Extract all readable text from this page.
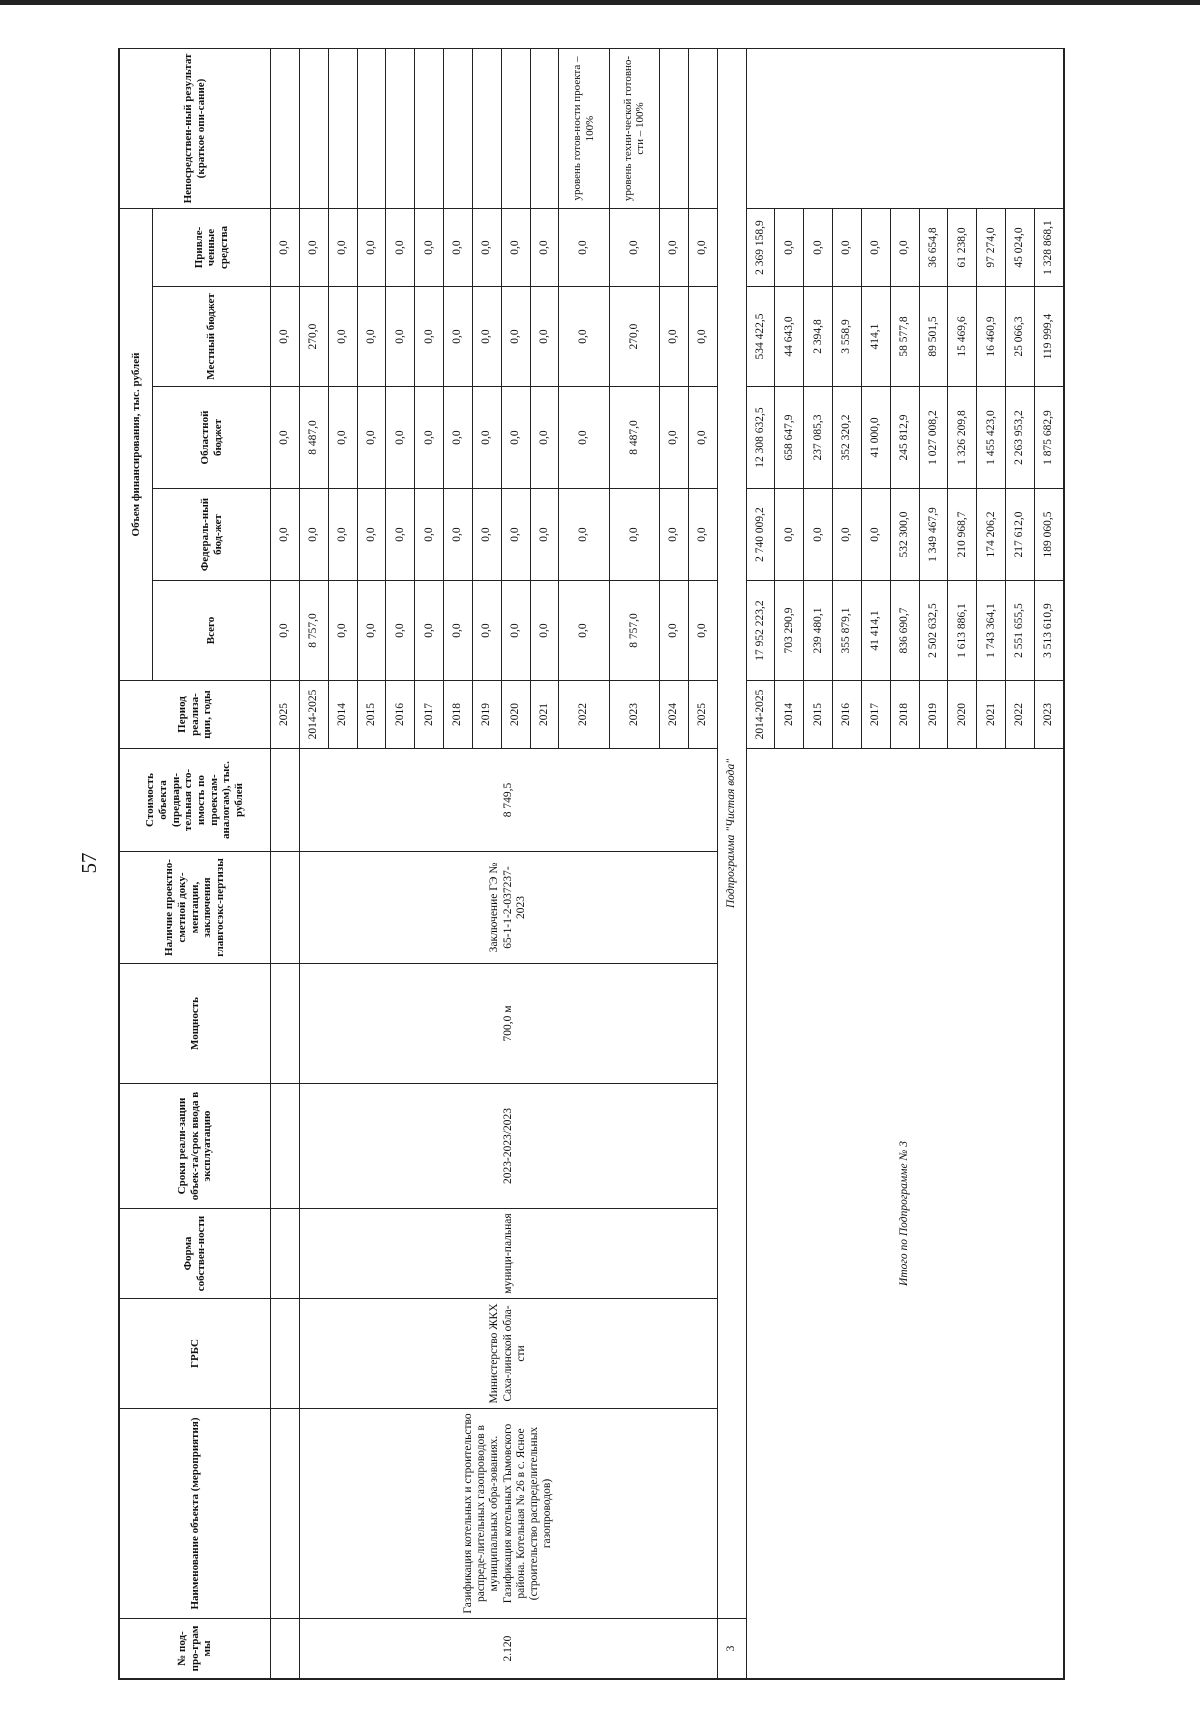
57
№ под-про-грам мы	Наименование объекта (мероприятия)	ГРБС	Форма собствен-ности	Сроки реали-зации объек-та/срок ввода в эксплуатацию	Мощность	Наличие проектно-сметной доку-ментации, заключения главгосэкс-пертизы	Стоимость объекта (предвари-тельная сто-имость по проектам-аналогам), тыс. рублей	Период реализа-ции, годы	Объем финансирования, тыс. рублей					Непосредствен-ный результат (краткое опи-сание)
									Всего	Федераль-ный бюд-жет	Областной бюджет	Местный бюджет	Привле-ченные средства	
								2025	0,0	0,0	0,0	0,0	0,0	
2.120	Газификация котельных и строительство распреде-лительных газопроводов в муниципальных обра-зованиях. Газификация котельных Тымовского района. Котельная № 26 в с. Ясное (строительство распределительных газопроводов)	Министерство ЖКХ Саха-линской обла-сти	муници-пальная	2023-2023/2023	700,0 м	Заключение ГЭ № 65-1-1-2-037237-2023	8 749,5	2014-2025	8 757,0	0,0	8 487,0	270,0	0,0	
								2014	0,0	0,0	0,0	0,0	0,0	
								2015	0,0	0,0	0,0	0,0	0,0	
								2016	0,0	0,0	0,0	0,0	0,0	
								2017	0,0	0,0	0,0	0,0	0,0	
								2018	0,0	0,0	0,0	0,0	0,0	
								2019	0,0	0,0	0,0	0,0	0,0	
								2020	0,0	0,0	0,0	0,0	0,0	
								2021	0,0	0,0	0,0	0,0	0,0	
								2022	0,0	0,0	0,0	0,0	0,0	уровень готов-ности проекта – 100%
								2023	8 757,0	0,0	8 487,0	270,0	0,0	уровень техни-ческой готовно-сти – 100%
								2024	0,0	0,0	0,0	0,0	0,0	
								2025	0,0	0,0	0,0	0,0	0,0	
3	Подпрограмма "Чистая вода"													
Итого по Подпрограмме № 3								2014-2025	17 952 223,2	2 740 009,2	12 308 632,5	534 422,5	2 369 158,9	
								2014	703 290,9	0,0	658 647,9	44 643,0	0,0	
								2015	239 480,1	0,0	237 085,3	2 394,8	0,0	
								2016	355 879,1	0,0	352 320,2	3 558,9	0,0	
								2017	41 414,1	0,0	41 000,0	414,1	0,0	
								2018	836 690,7	532 300,0	245 812,9	58 577,8	0,0	
								2019	2 502 632,5	1 349 467,9	1 027 008,2	89 501,5	36 654,8	
								2020	1 613 886,1	210 968,7	1 326 209,8	15 469,6	61 238,0	
								2021	1 743 364,1	174 206,2	1 455 423,0	16 460,9	97 274,0	
								2022	2 551 655,5	217 612,0	2 263 953,2	25 066,3	45 024,0	
								2023	3 513 610,9	189 060,5	1 875 682,9	119 999,4	1 328 868,1	
